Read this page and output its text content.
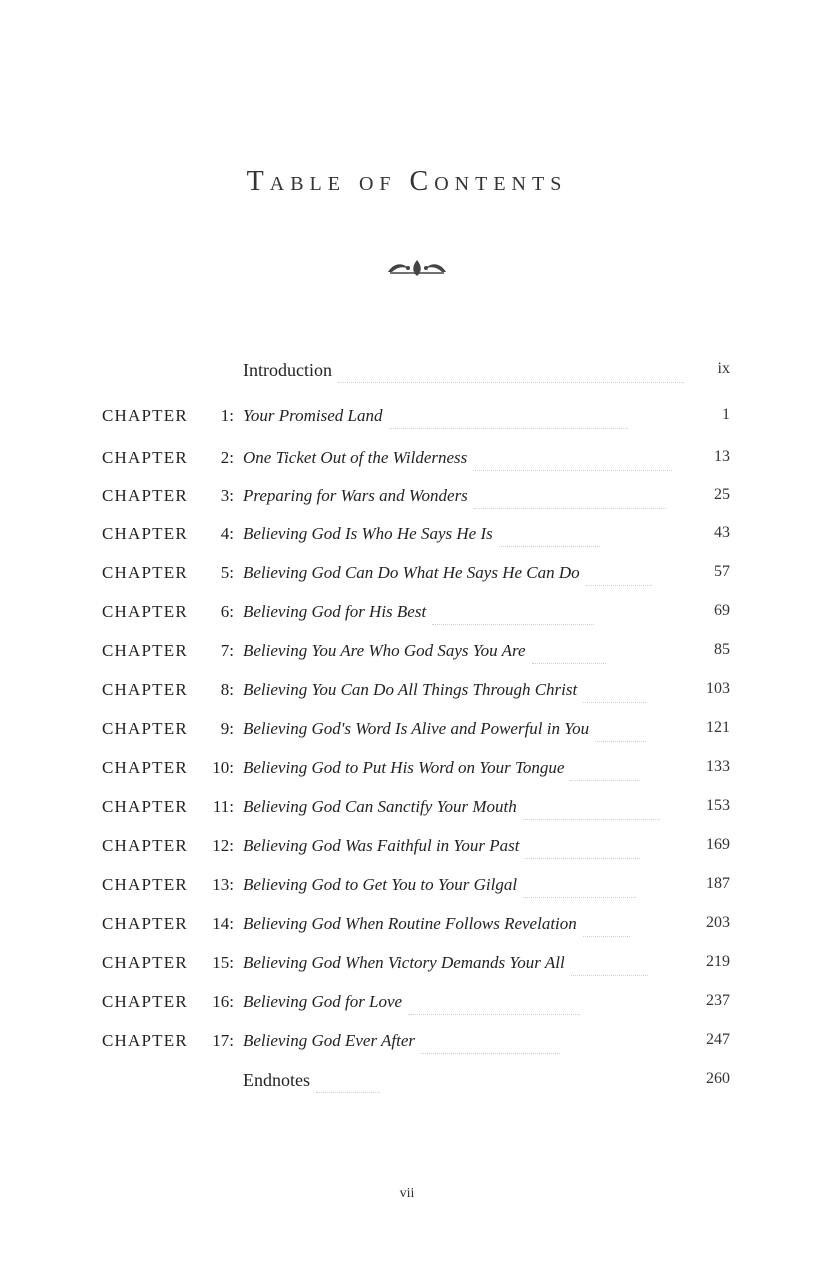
Table of Contents
Introduction	ix
CHAPTER	1: Your Promised Land	1
CHAPTER	2: One Ticket Out of the Wilderness	13
CHAPTER	3: Preparing for Wars and Wonders	25
CHAPTER	4: Believing God Is Who He Says He Is	43
CHAPTER	5: Believing God Can Do What He Says He Can Do	57
CHAPTER	6: Believing God for His Best	69
CHAPTER	7: Believing You Are Who God Says You Are	85
CHAPTER	8: Believing You Can Do All Things Through Christ	103
CHAPTER	9: Believing God's Word Is Alive and Powerful in You	121
CHAPTER 10: Believing God to Put His Word on Your Tongue	133
CHAPTER 11: Believing God Can Sanctify Your Mouth	153
CHAPTER 12: Believing God Was Faithful in Your Past	169
CHAPTER 13: Believing God to Get You to Your Gilgal	187
CHAPTER 14: Believing God When Routine Follows Revelation	203
CHAPTER 15: Believing God When Victory Demands Your All	219
CHAPTER 16: Believing God for Love	237
CHAPTER 17: Believing God Ever After	247
Endnotes	260
vii
